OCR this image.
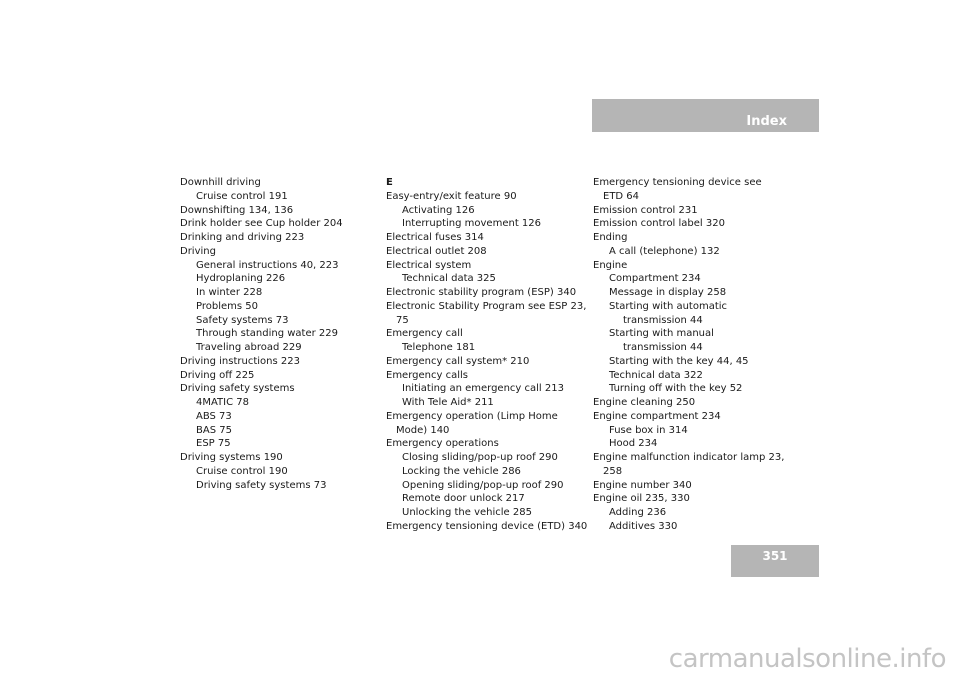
Index
Downhill driving
Cruise control 191
Downshifting 134, 136
Drink holder see Cup holder 204
Drinking and driving 223
Driving
General instructions 40, 223
Hydroplaning 226
In winter 228
Problems 50
Safety systems 73
Through standing water 229
Traveling abroad 229
Driving instructions 223
Driving off 225
Driving safety systems
4MATIC 78
ABS 73
BAS 75
ESP 75
Driving systems 190
Cruise control 190
Driving safety systems 73
E
Easy-entry/exit feature 90
Activating 126
Interrupting movement 126
Electrical fuses 314
Electrical outlet 208
Electrical system
Technical data 325
Electronic stability program (ESP) 340
Electronic Stability Program see ESP 23,
75
Emergency call
Telephone 181
Emergency call system* 210
Emergency calls
Initiating an emergency call 213
With Tele Aid* 211
Emergency operation (Limp Home
Mode) 140
Emergency operations
Closing sliding/pop-up roof 290
Locking the vehicle 286
Opening sliding/pop-up roof 290
Remote door unlock 217
Unlocking the vehicle 285
Emergency tensioning device (ETD) 340
Emergency tensioning device see
ETD 64
Emission control 231
Emission control label 320
Ending
A call (telephone) 132
Engine
Compartment 234
Message in display 258
Starting with automatic
transmission 44
Starting with manual
transmission 44
Starting with the key 44, 45
Technical data 322
Turning off with the key 52
Engine cleaning 250
Engine compartment 234
Fuse box in 314
Hood 234
Engine malfunction indicator lamp 23,
258
Engine number 340
Engine oil 235, 330
Adding 236
Additives 330
351
carmanualsonline.info
